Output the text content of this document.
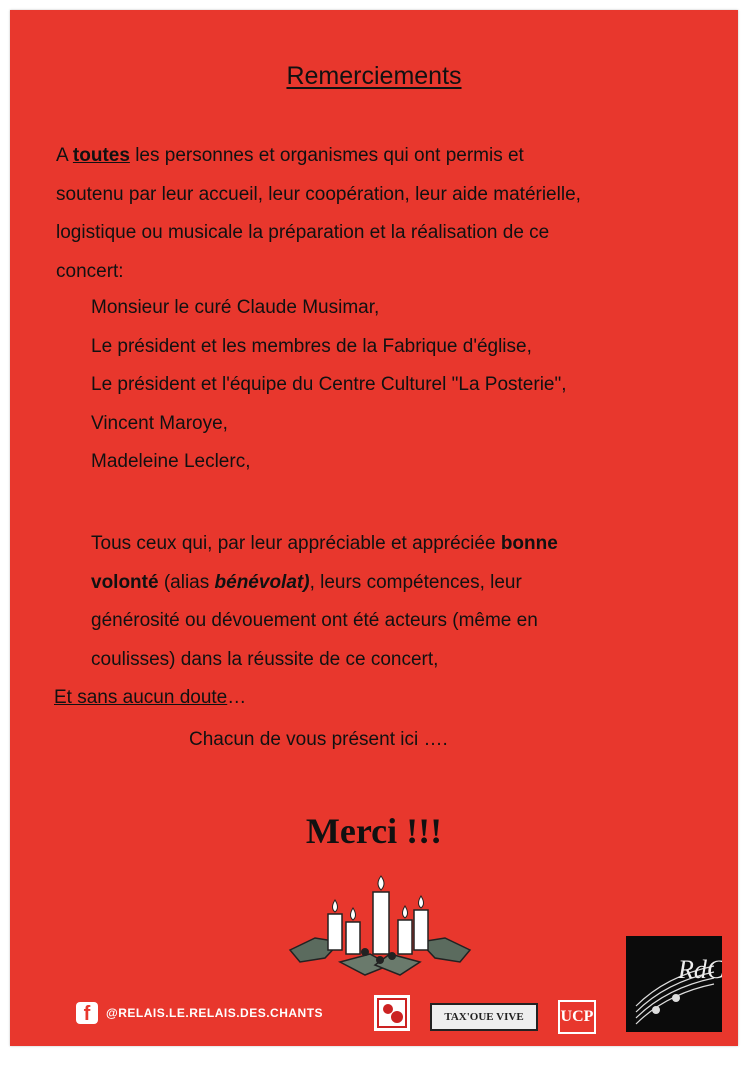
Remerciements
A toutes les personnes et organismes qui ont permis et
soutenu par leur accueil, leur coopération, leur aide matérielle,
logistique ou musicale la préparation et la réalisation de ce
concert:
Monsieur le curé Claude Musimar,
Le président et les membres de la Fabrique d'église,
Le président et l'équipe du Centre Culturel "La Posterie",
Vincent Maroye,
Madeleine Leclerc,
Tous ceux qui, par leur appréciable et appréciée bonne
volonté (alias bénévolat), leurs compétences, leur
générosité ou dévouement ont été acteurs (même en
coulisses) dans la réussite de ce concert,
Et sans aucun doute…
Chacun de vous présent ici ….
Merci !!!
f	@RELAIS.LE.RELAIS.DES.CHANTS	TAX'OUE VIVE UCP
RdC
